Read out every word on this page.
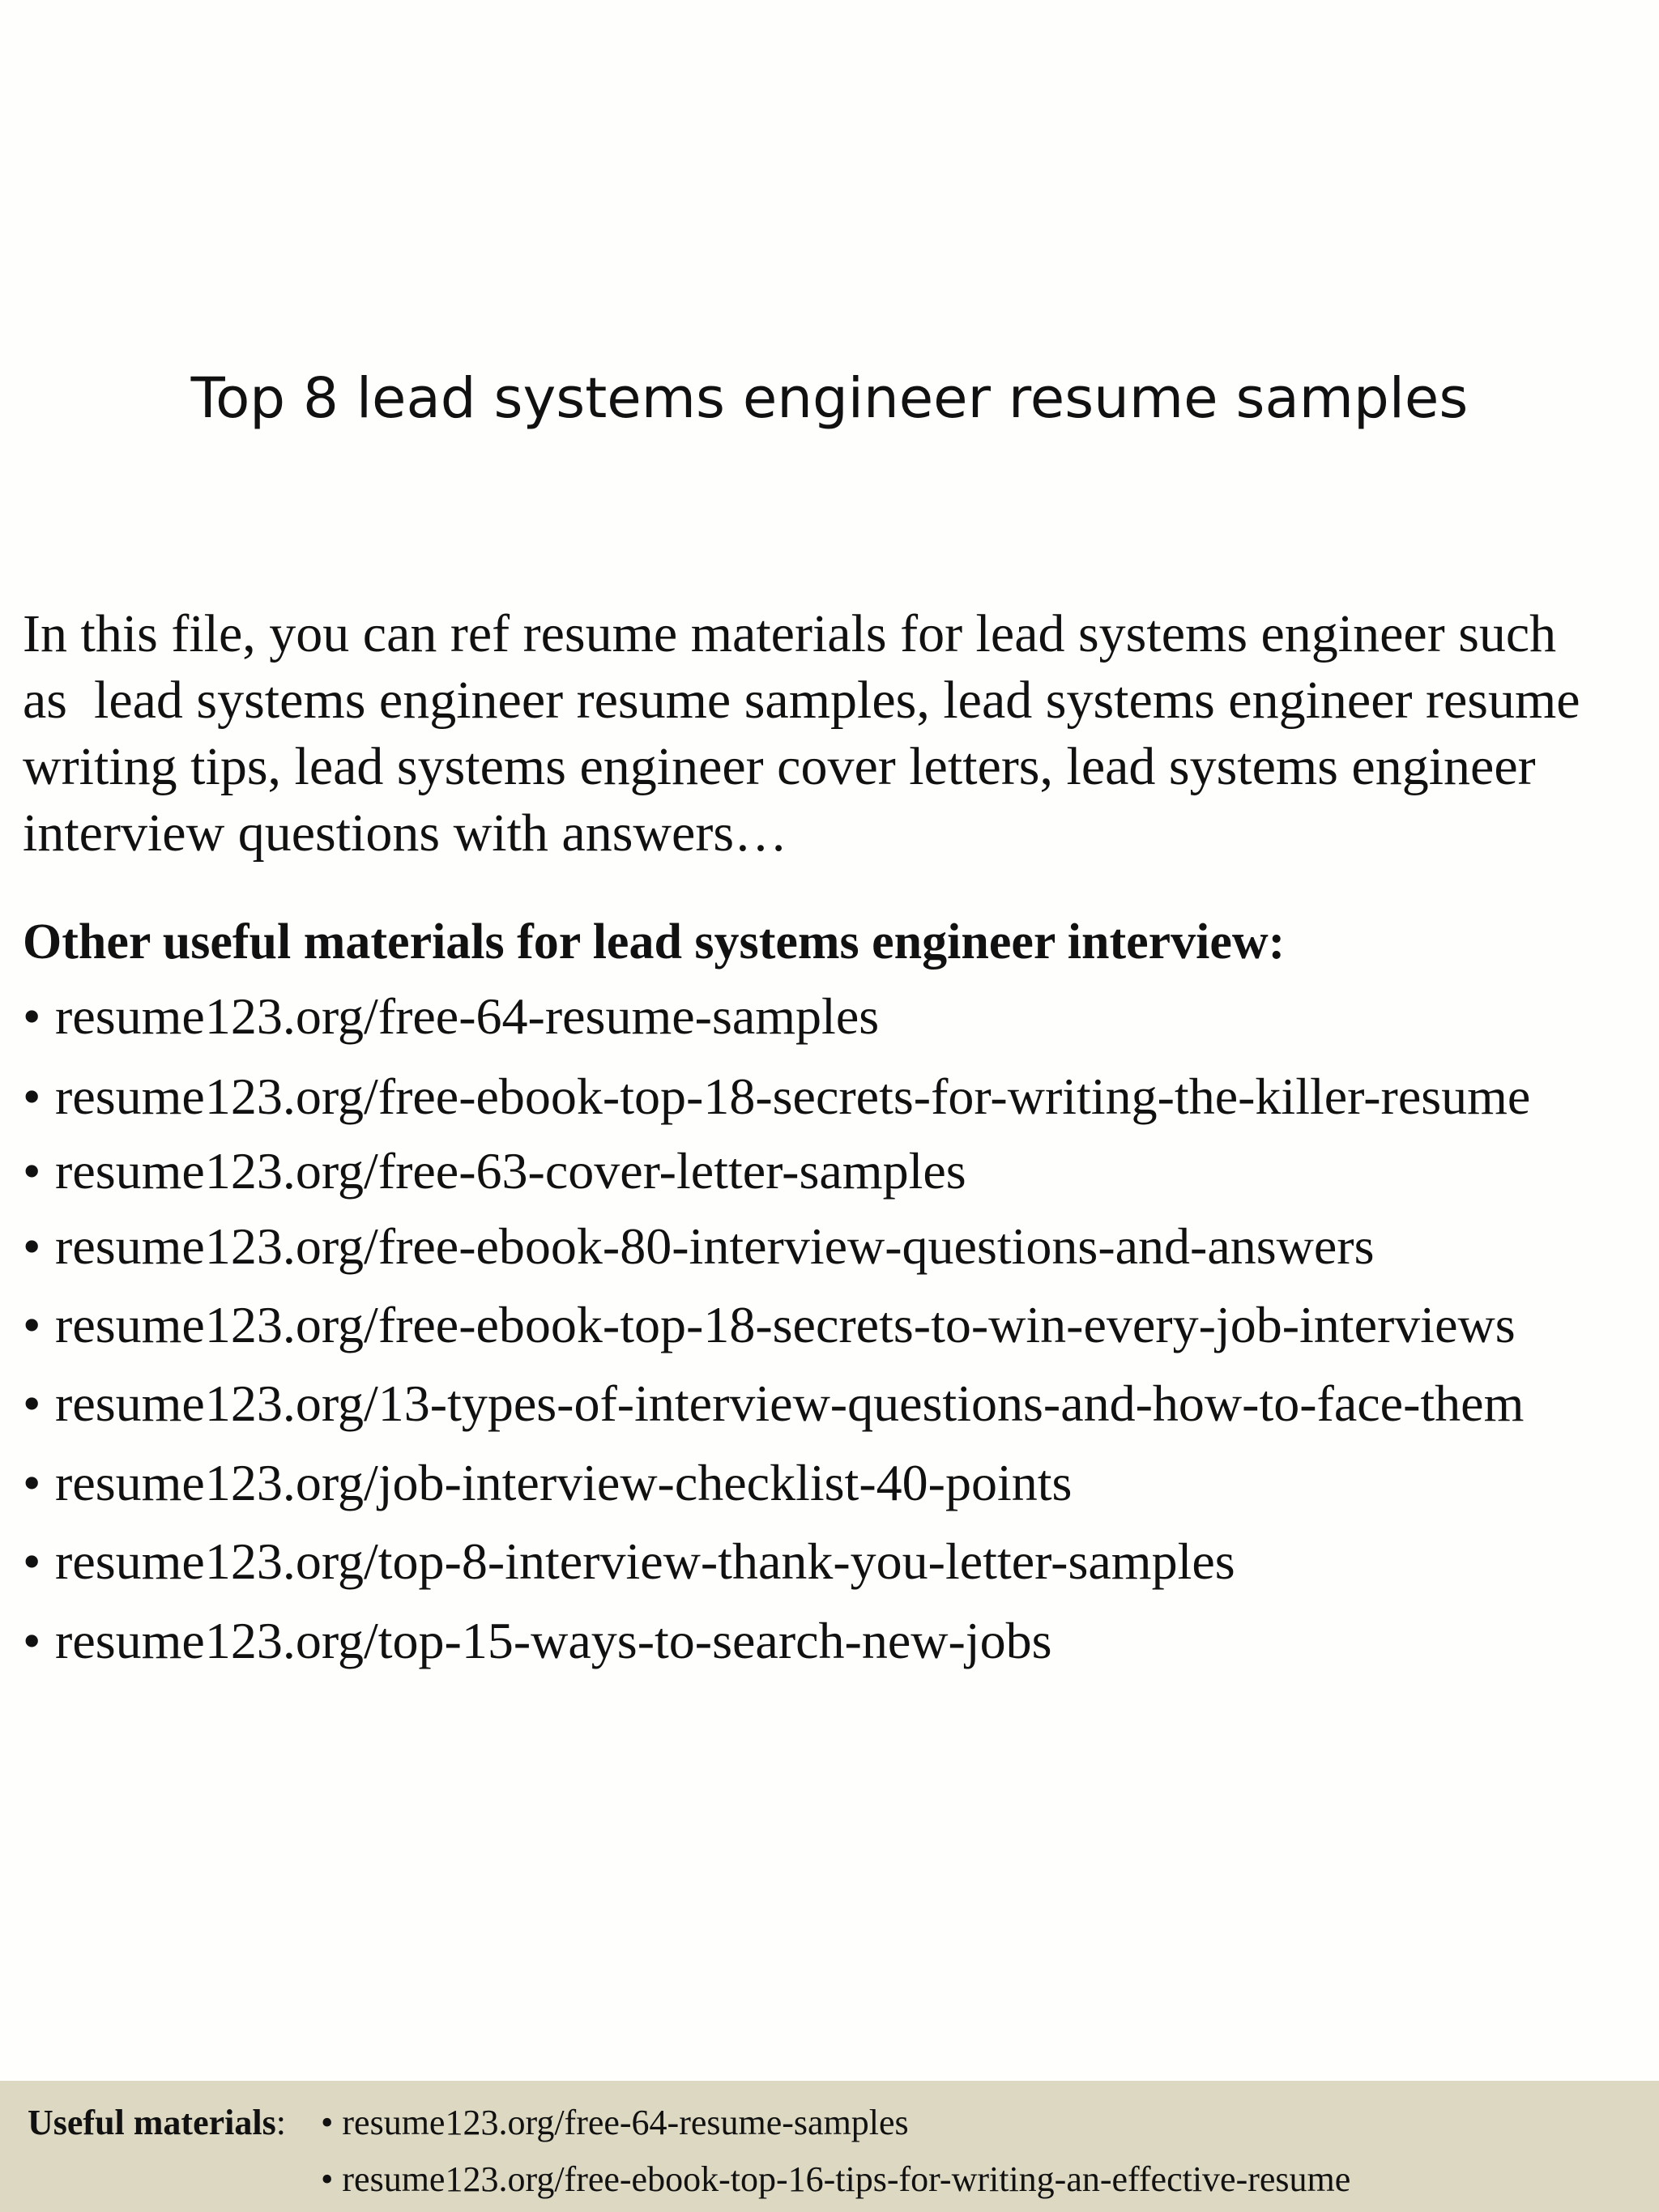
Top 8 lead systems engineer resume samples
In this file, you can ref resume materials for lead systems engineer such
as  lead systems engineer resume samples, lead systems engineer resume
writing tips, lead systems engineer cover letters, lead systems engineer
interview questions with answers…
Other useful materials for lead systems engineer interview:
• resume123.org/free-64-resume-samples
• resume123.org/free-ebook-top-18-secrets-for-writing-the-killer-resume
• resume123.org/free-63-cover-letter-samples
• resume123.org/free-ebook-80-interview-questions-and-answers
• resume123.org/free-ebook-top-18-secrets-to-win-every-job-interviews
• resume123.org/13-types-of-interview-questions-and-how-to-face-them
• resume123.org/job-interview-checklist-40-points
• resume123.org/top-8-interview-thank-you-letter-samples
• resume123.org/top-15-ways-to-search-new-jobs
Useful materials: • resume123.org/free-64-resume-samples
• resume123.org/free-ebook-top-16-tips-for-writing-an-effective-resume
